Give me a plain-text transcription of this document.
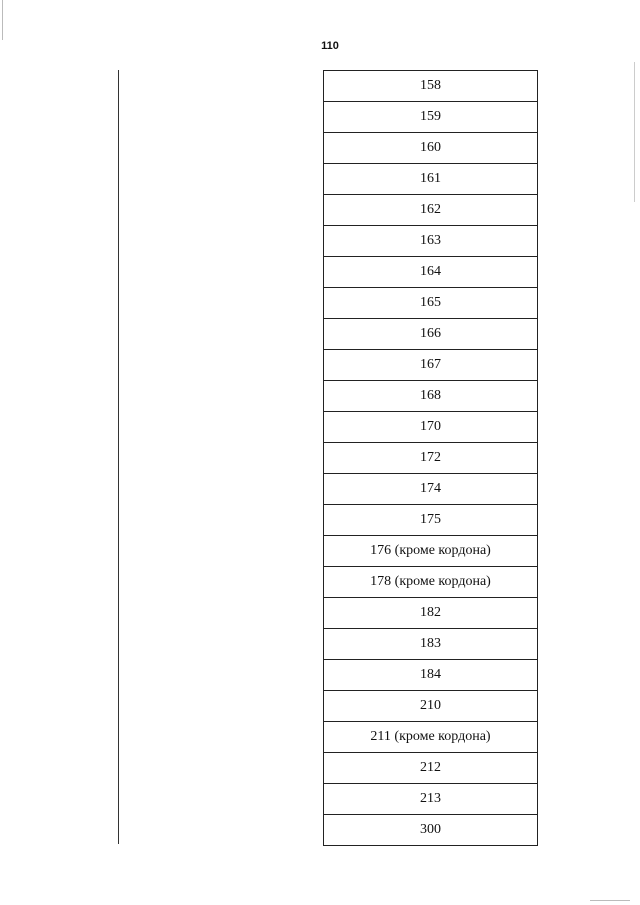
110
158
159
160
161
162
163
164
165
166
167
168
170
172
174
175
176 (кроме кордона)
178 (кроме кордона)
182
183
184
210
211 (кроме кордона)
212
213
300
